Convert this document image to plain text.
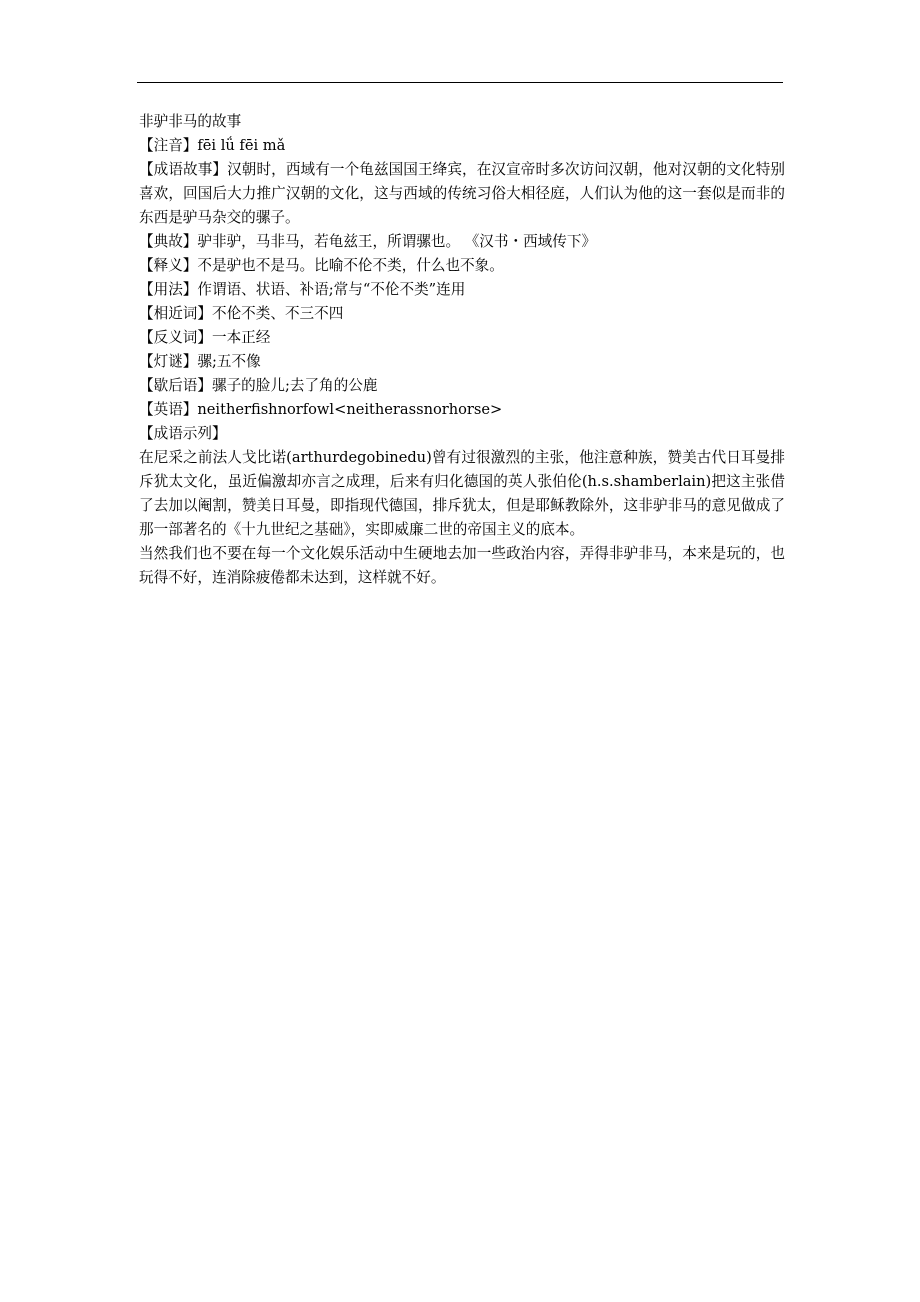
非驴非马的故事

【注音】fēi lǘ fēi mǎ

【成语故事】汉朝时，西域有一个龟兹国国王绛宾，在汉宣帝时多次访问汉朝，他对汉朝的文化特别喜欢，回国后大力推广汉朝的文化，这与西域的传统习俗大相径庭，人们认为他的这一套似是而非的东西是驴马杂交的骡子。

【典故】驴非驴，马非马，若龟兹王，所谓骡也。 《汉书・西域传下》

【释义】不是驴也不是马。比喻不伦不类，什么也不象。

【用法】作谓语、状语、补语;常与“不伦不类”连用

【相近词】不伦不类、不三不四

【反义词】一本正经

【灯谜】骡;五不像

【歇后语】骡子的脸儿;去了角的公鹿

【英语】neitherfishnorfowl<neitherassnorhorse>

【成语示列】

在尼采之前法人戈比诺(arthurdegobinedu)曾有过很激烈的主张，他注意种族，赞美古代日耳曼排斥犹太文化，虽近偏激却亦言之成理，后来有归化德国的英人张伯伦(h.s.shamberlain)把这主张借了去加以阉割，赞美日耳曼，即指现代德国，排斥犹太，但是耶稣教除外，这非驴非马的意见做成了那一部著名的《十九世纪之基础》，实即威廉二世的帝国主义的底本。

当然我们也不要在每一个文化娱乐活动中生硬地去加一些政治内容，弄得非驴非马，本来是玩的，也玩得不好，连消除疲倦都未达到，这样就不好。
